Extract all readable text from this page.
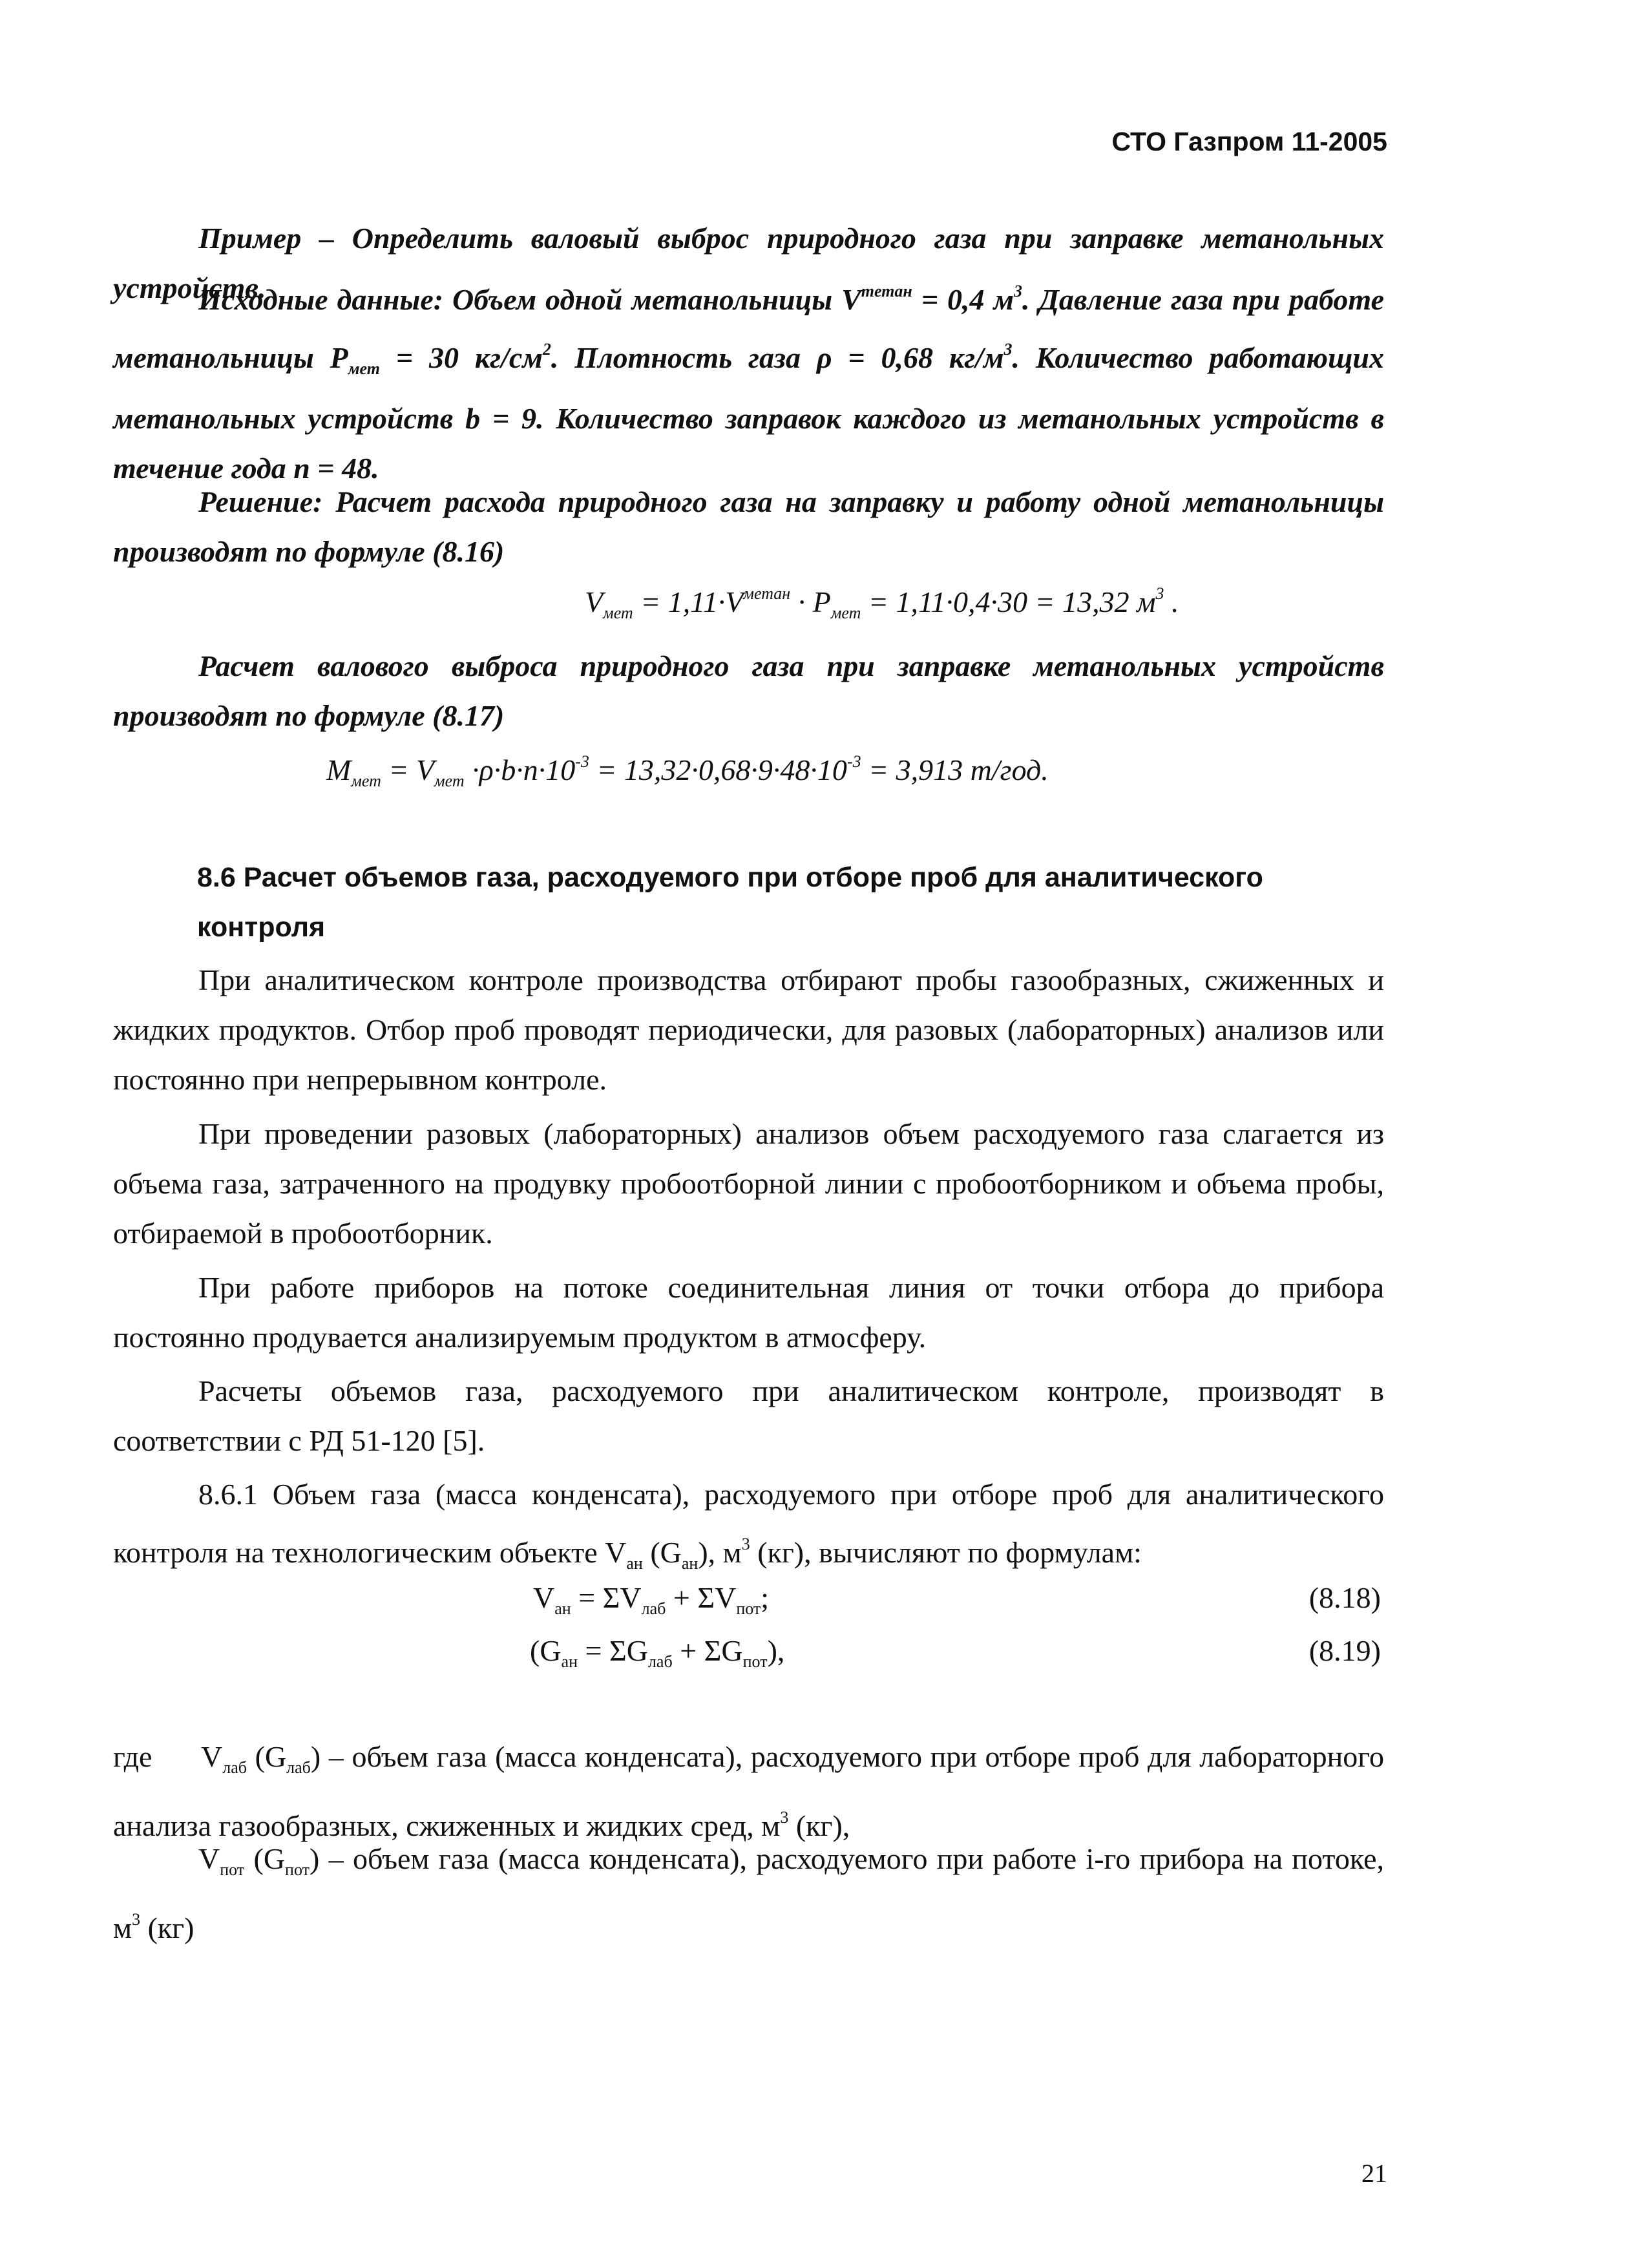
СТО Газпром 11-2005

Пример – Определить валовый выброс природного газа при заправке метанольных устройств.

Исходные данные: Объем одной метанольницы $V^{mетан} = 0,4$ $м^3$. Давление газа при работе метанольницы $P_{мет} = 30$ $кг/см^2$. Плотность газа ρ = 0,68 $кг/м^3$. Количество работающих метанольных устройств b = 9. Количество заправок каждого из метанольных устройств в течение года n = 48.

Решение: Расчет расхода природного газа на заправку и работу одной метанольницы производят по формуле (8.16)

$V_{мет} = 1,11\cdot V^{метан} \cdot P_{мет} = 1,11\cdot 0,4\cdot 30 = 13,32$ $м^3$ .

Расчет валового выброса природного газа при заправке метанольных устройств производят по формуле (8.17)

$M_{мет} = V_{мет} \cdot\rho\cdot b\cdot n\cdot 10^{-3} = 13,32\cdot 0,68\cdot 9\cdot 48\cdot 10^{-3} = 3,913$ т/год.

8.6 Расчет объемов газа, расходуемого при отборе проб для аналитического контроля

При аналитическом контроле производства отбирают пробы газообразных, сжиженных и жидких продуктов. Отбор проб проводят периодически, для разовых (лабораторных) анализов или постоянно при непрерывном контроле.

При проведении разовых (лабораторных) анализов объем расходуемого газа слагается из объема газа, затраченного на продувку пробоотборной линии с пробоотборником и объема пробы, отбираемой в пробоотборник.

При работе приборов на потоке соединительная линия от точки отбора до прибора постоянно продувается анализируемым продуктом в атмосферу.

Расчеты объемов газа, расходуемого при аналитическом контроле, производят в соответствии с РД 51-120 [5].

8.6.1 Объем газа (масса конденсата), расходуемого при отборе проб для аналитического контроля на технологическим объекте $V_{ан}$ $(G_{ан})$, $м^3$ (кг), вычисляют по формулам:

$V_{ан} = \Sigma V_{лаб} + \Sigma V_{пот}$;	(8.18)
$(G_{ан} = \Sigma G_{лаб} + \Sigma G_{пот})$,	(8.19)

где      $V_{лаб}$ $(G_{лаб})$ – объем газа (масса конденсата), расходуемого при отборе проб для лабораторного анализа газообразных, сжиженных и жидких сред, $м^3$ (кг),

$V_{пот}$ $(G_{пот})$ – объем газа (масса конденсата), расходуемого при работе i-го прибора на потоке, $м^3$ (кг)

21
